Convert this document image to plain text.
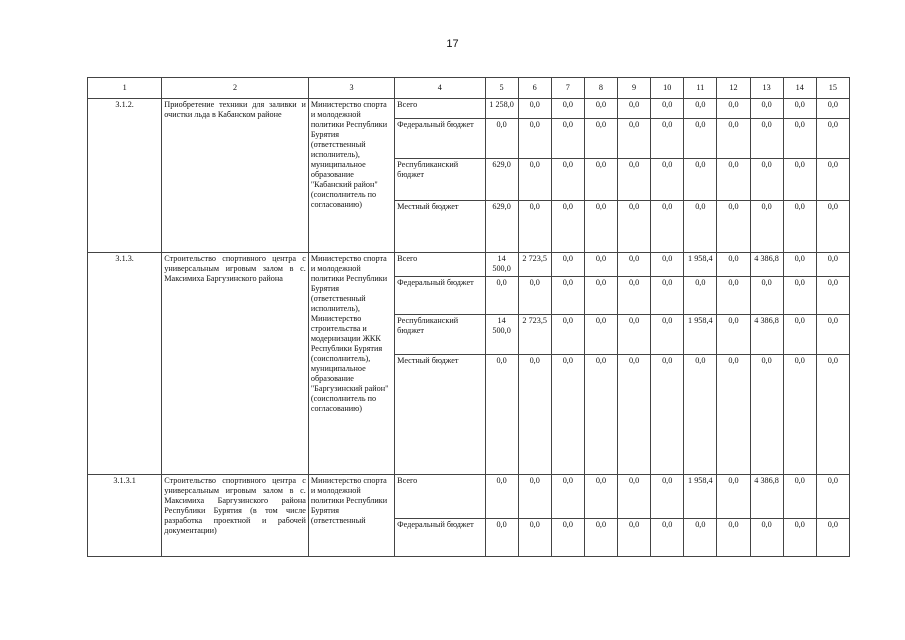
17
1	2	3	4	5	6	7	8	9	10	11	12	13	14	15
3.1.2.	Приобретение техники для заливки и очистки льда в Кабанском районе	Министерство спорта и молодежной политики Республики Бурятия (ответственный исполнитель), муниципальное образование "Кабанский район" (соисполнитель по согласованию)	Всего	1 258,0	0,0	0,0	0,0	0,0	0,0	0,0	0,0	0,0	0,0	0,0
			Федеральный бюджет	0,0	0,0	0,0	0,0	0,0	0,0	0,0	0,0	0,0	0,0	0,0
			Республиканский бюджет	629,0	0,0	0,0	0,0	0,0	0,0	0,0	0,0	0,0	0,0	0,0
			Местный бюджет	629,0	0,0	0,0	0,0	0,0	0,0	0,0	0,0	0,0	0,0	0,0
3.1.3.	Строительство спортивного центра с универсальным игровым залом в с. Максимиха Баргузинского района	Министерство спорта и молодежной политики Республики Бурятия (ответственный исполнитель), Министерство строительства и модернизации ЖКК Республики Бурятия (соисполнитель), муниципальное образование "Баргузинский район" (соисполнитель по согласованию)	Всего	14 500,0	2 723,5	0,0	0,0	0,0	0,0	1 958,4	0,0	4 386,8	0,0	0,0
			Федеральный бюджет	0,0	0,0	0,0	0,0	0,0	0,0	0,0	0,0	0,0	0,0	0,0
			Республиканский бюджет	14 500,0	2 723,5	0,0	0,0	0,0	0,0	1 958,4	0,0	4 386,8	0,0	0,0
			Местный бюджет	0,0	0,0	0,0	0,0	0,0	0,0	0,0	0,0	0,0	0,0	0,0
3.1.3.1	Строительство спортивного центра с универсальным игровым залом в с. Максимиха Баргузинского района Республики Бурятия (в том числе разработка проектной и рабочей документации)	Министерство спорта и молодежной политики Республики Бурятия (ответственный	Всего	0,0	0,0	0,0	0,0	0,0	0,0	1 958,4	0,0	4 386,8	0,0	0,0
			Федеральный бюджет	0,0	0,0	0,0	0,0	0,0	0,0	0,0	0,0	0,0	0,0	0,0
